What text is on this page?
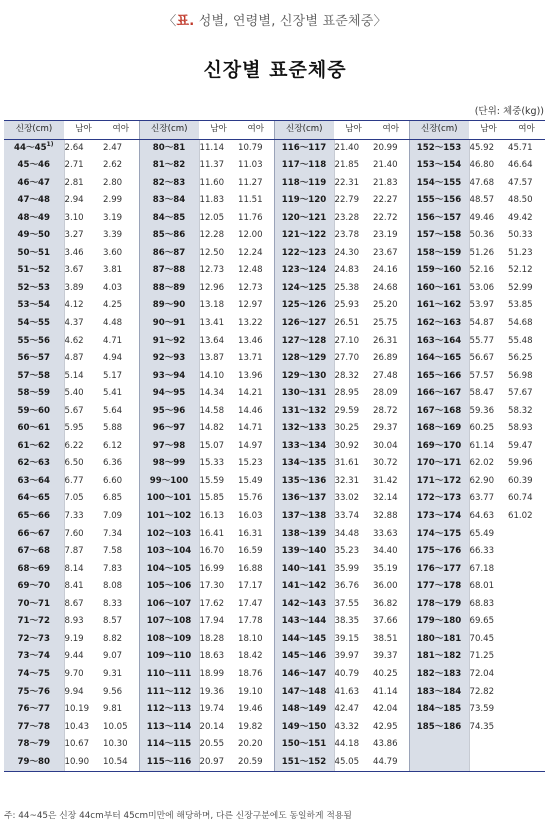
〈표. 성별, 연령별, 신장별 표준체중〉
신장별 표준체중
(단위: 체중(kg))
신장(cm)	남아	여아	신장(cm)	남아	여아	신장(cm)	남아	여아	신장(cm)	남아	여아
44～45$^{1)}$	2.64	2.47	80～81	11.14	10.79	116～117	21.40	20.99	152～153	45.92	45.71
45～46	2.71	2.62	81～82	11.37	11.03	117～118	21.85	21.40	153～154	46.80	46.64
46～47	2.81	2.80	82～83	11.60	11.27	118～119	22.31	21.83	154～155	47.68	47.57
47～48	2.94	2.99	83～84	11.83	11.51	119～120	22.79	22.27	155～156	48.57	48.50
48～49	3.10	3.19	84～85	12.05	11.76	120～121	23.28	22.72	156～157	49.46	49.42
49～50	3.27	3.39	85～86	12.28	12.00	121～122	23.78	23.19	157～158	50.36	50.33
50～51	3.46	3.60	86～87	12.50	12.24	122～123	24.30	23.67	158～159	51.26	51.23
51～52	3.67	3.81	87～88	12.73	12.48	123～124	24.83	24.16	159～160	52.16	52.12
52～53	3.89	4.03	88～89	12.96	12.73	124～125	25.38	24.68	160～161	53.06	52.99
53～54	4.12	4.25	89～90	13.18	12.97	125～126	25.93	25.20	161～162	53.97	53.85
54～55	4.37	4.48	90～91	13.41	13.22	126～127	26.51	25.75	162～163	54.87	54.68
55～56	4.62	4.71	91～92	13.64	13.46	127～128	27.10	26.31	163～164	55.77	55.48
56～57	4.87	4.94	92～93	13.87	13.71	128～129	27.70	26.89	164～165	56.67	56.25
57～58	5.14	5.17	93～94	14.10	13.96	129～130	28.32	27.48	165～166	57.57	56.98
58～59	5.40	5.41	94～95	14.34	14.21	130～131	28.95	28.09	166～167	58.47	57.67
59～60	5.67	5.64	95～96	14.58	14.46	131～132	29.59	28.72	167～168	59.36	58.32
60～61	5.95	5.88	96～97	14.82	14.71	132～133	30.25	29.37	168～169	60.25	58.93
61～62	6.22	6.12	97～98	15.07	14.97	133～134	30.92	30.04	169～170	61.14	59.47
62～63	6.50	6.36	98～99	15.33	15.23	134～135	31.61	30.72	170～171	62.02	59.96
63～64	6.77	6.60	99～100	15.59	15.49	135～136	32.31	31.42	171～172	62.90	60.39
64～65	7.05	6.85	100～101	15.85	15.76	136～137	33.02	32.14	172～173	63.77	60.74
65～66	7.33	7.09	101～102	16.13	16.03	137～138	33.74	32.88	173～174	64.63	61.02
66～67	7.60	7.34	102～103	16.41	16.31	138～139	34.48	33.63	174～175	65.49	
67～68	7.87	7.58	103～104	16.70	16.59	139～140	35.23	34.40	175～176	66.33	
68～69	8.14	7.83	104～105	16.99	16.88	140～141	35.99	35.19	176～177	67.18	
69～70	8.41	8.08	105～106	17.30	17.17	141～142	36.76	36.00	177～178	68.01	
70～71	8.67	8.33	106～107	17.62	17.47	142～143	37.55	36.82	178～179	68.83	
71～72	8.93	8.57	107～108	17.94	17.78	143～144	38.35	37.66	179～180	69.65	
72～73	9.19	8.82	108～109	18.28	18.10	144～145	39.15	38.51	180～181	70.45	
73～74	9.44	9.07	109～110	18.63	18.42	145～146	39.97	39.37	181～182	71.25	
74～75	9.70	9.31	110～111	18.99	18.76	146～147	40.79	40.25	182～183	72.04	
75～76	9.94	9.56	111～112	19.36	19.10	147～148	41.63	41.14	183～184	72.82	
76～77	10.19	9.81	112～113	19.74	19.46	148～149	42.47	42.04	184～185	73.59	
77～78	10.43	10.05	113～114	20.14	19.82	149～150	43.32	42.95	185～186	74.35	
78～79	10.67	10.30	114～115	20.55	20.20	150～151	44.18	43.86			
79～80	10.90	10.54	115～116	20.97	20.59	151～152	45.05	44.79			
주: 44~45은 신장 44cm부터 45cm미만에 해당하며, 다른 신장구분에도 동일하게 적용됨
